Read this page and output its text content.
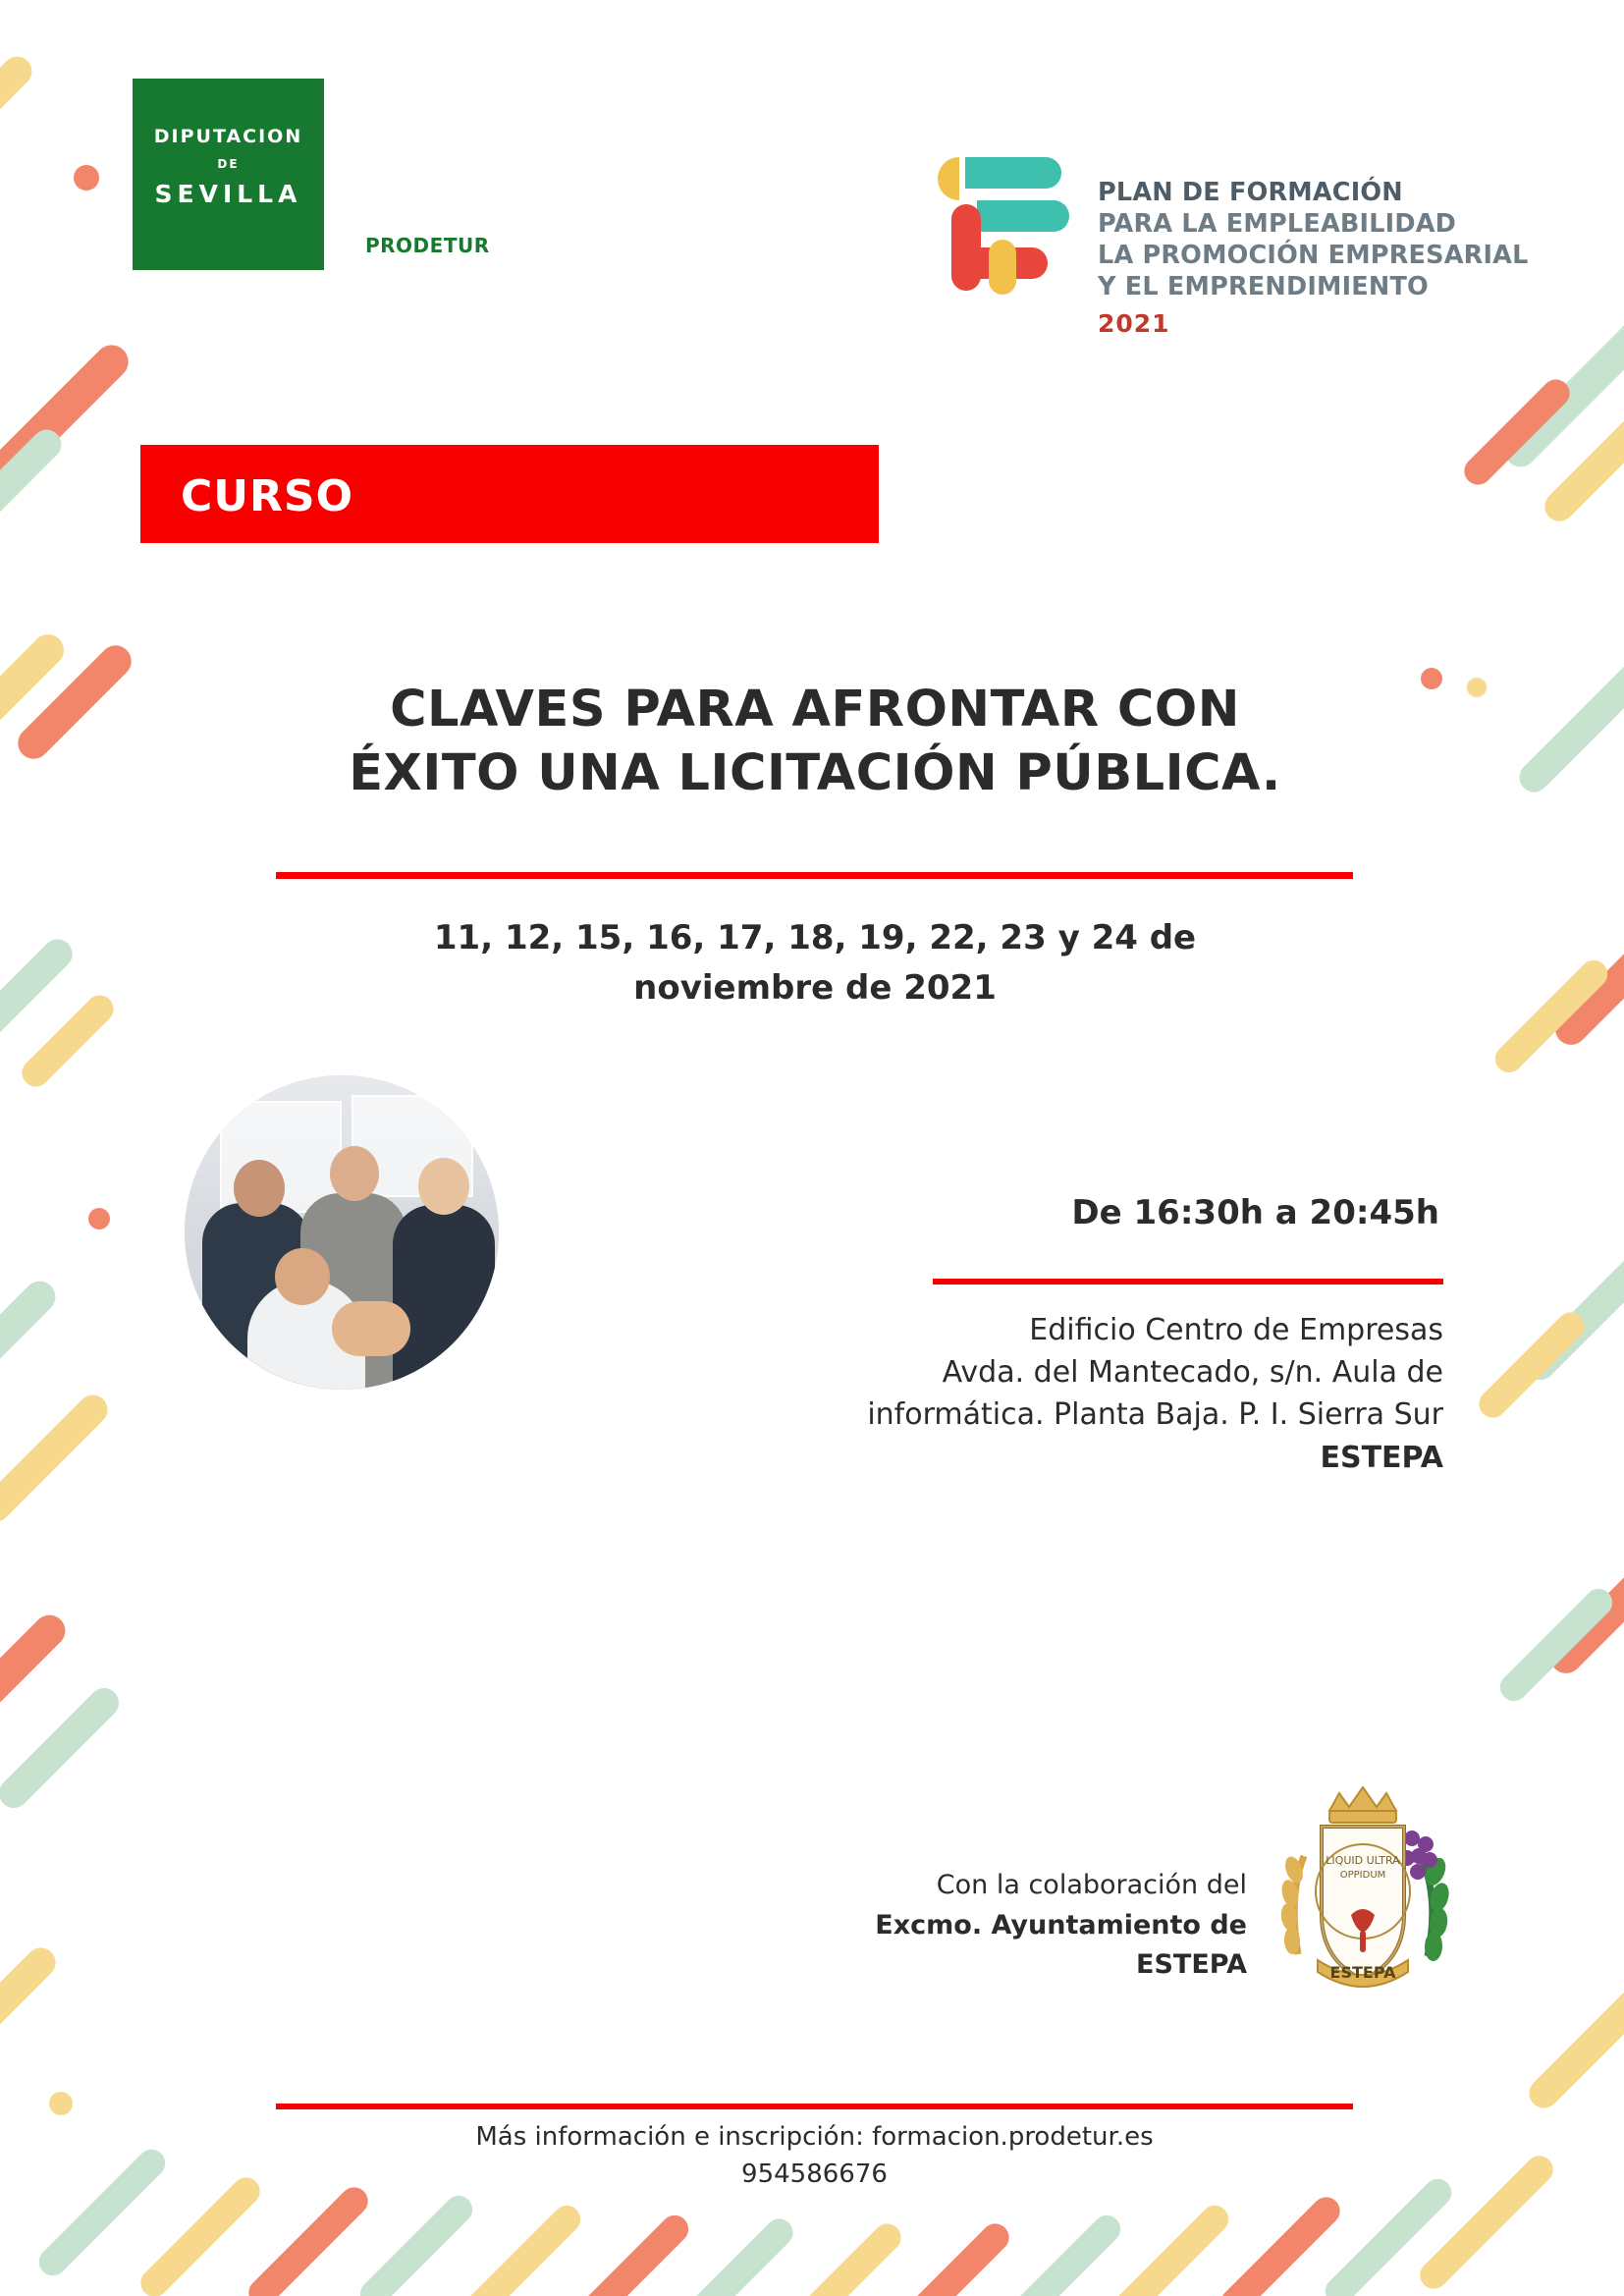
DIPUTACION
DE
SEVILLA
PRODETUR
PLAN DE FORMACIÓN
PARA LA EMPLEABILIDAD
LA PROMOCIÓN EMPRESARIAL
Y EL EMPRENDIMIENTO
2021
CURSO
CLAVES PARA AFRONTAR CON
ÉXITO UNA LICITACIÓN PÚBLICA.
11, 12, 15, 16, 17, 18, 19, 22, 23 y 24 de
noviembre de 2021
De 16:30h a 20:45h
Edificio Centro de Empresas
Avda. del Mantecado, s/n. Aula de
informática. Planta Baja. P. I. Sierra Sur
ESTEPA
Con la colaboración del
Excmo. Ayuntamiento de
ESTEPA	ESTEPA
LIQUID ULTRA
OPPIDUM
Más información e inscripción: formacion.prodetur.es
954586676
